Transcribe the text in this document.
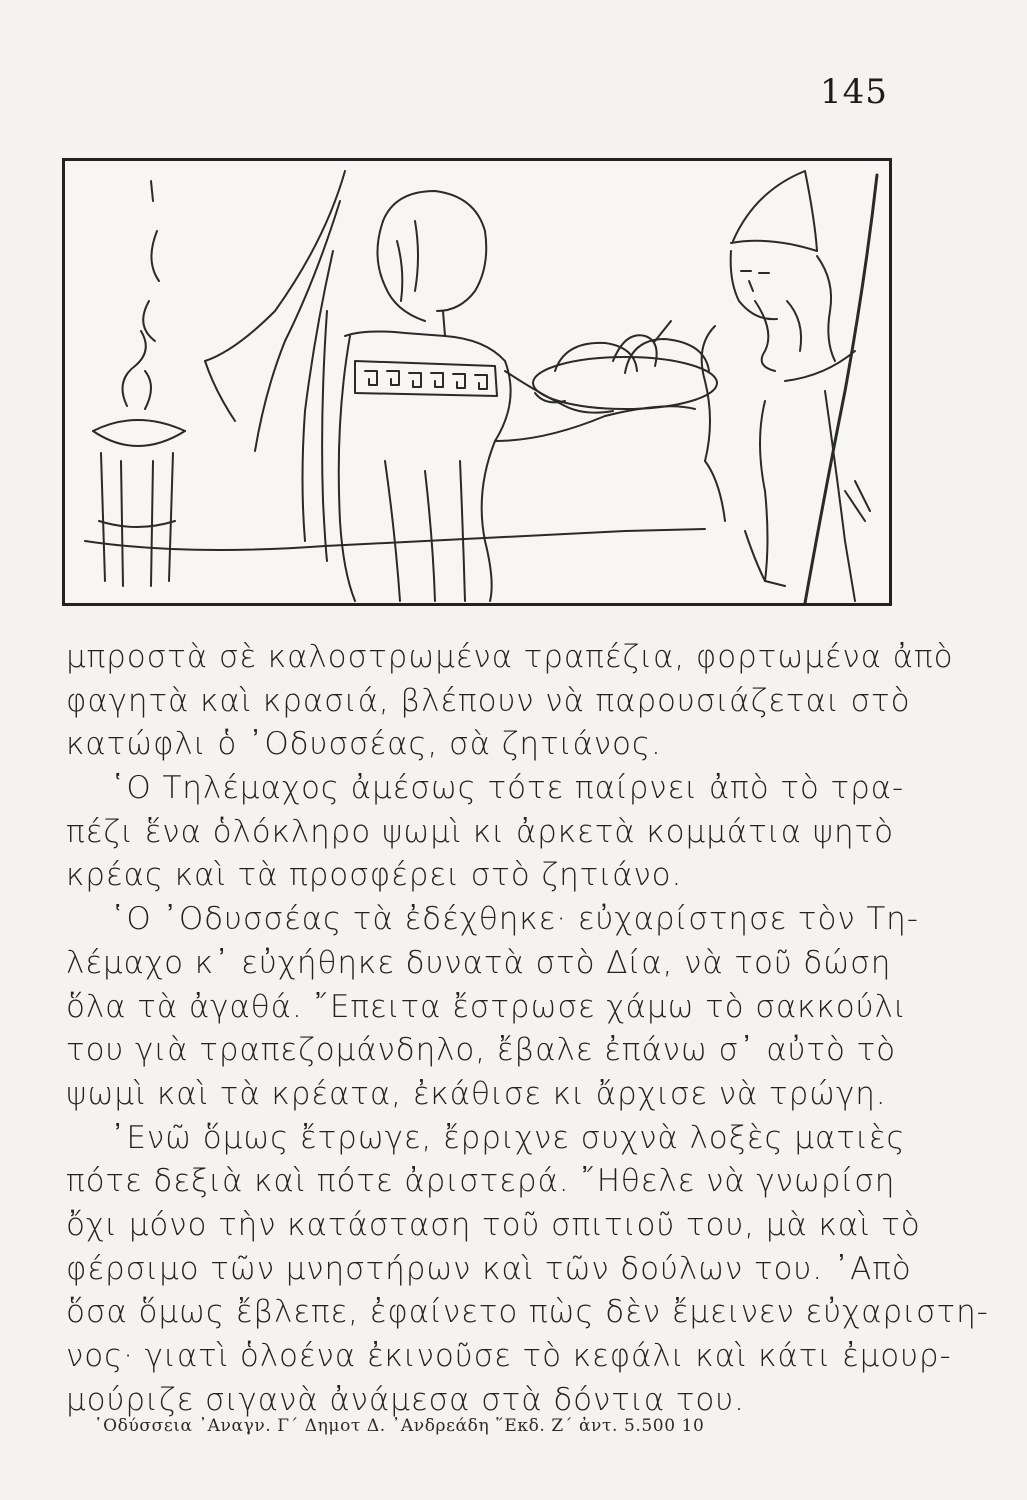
145
μπροστὰ σὲ καλοστρωμένα τραπέζια, φορτωμένα ἀπὸ
φαγητὰ καὶ κρασιά, βλέπουν νὰ παρουσιάζεται στὸ
κατώφλι ὁ ᾿Οδυσσέας, σὰ ζητιάνος.
῾Ο Τηλέμαχος ἀμέσως τότε παίρνει ἀπὸ τὸ τρα-
πέζι ἕνα ὁλόκληρο ψωμὶ κι ἀρκετὰ κομμάτια ψητὸ
κρέας καὶ τὰ προσφέρει στὸ ζητιάνο.
῾Ο ᾿Οδυσσέας τὰ ἐδέχθηκε· εὐχαρίστησε τὸν Τη-
λέμαχο κ᾿ εὐχήθηκε δυνατὰ στὸ Δία, νὰ τοῦ δώση
ὅλα τὰ ἀγαθά. ῎Επειτα ἔστρωσε χάμω τὸ σακκούλι
του γιὰ τραπεζομάνδηλο, ἔβαλε ἐπάνω σ᾿ αὐτὸ τὸ
ψωμὶ καὶ τὰ κρέατα, ἐκάθισε κι ἄρχισε νὰ τρώγη.
᾿Ενῶ ὅμως ἔτρωγε, ἔρριχνε συχνὰ λοξὲς ματιὲς
πότε δεξιὰ καὶ πότε ἀριστερά. ῎Ηθελε νὰ γνωρίση
ὄχι μόνο τὴν κατάσταση τοῦ σπιτιοῦ του, μὰ καὶ τὸ
φέρσιμο τῶν μνηστήρων καὶ τῶν δούλων του. ᾿Απὸ
ὅσα ὅμως ἔβλεπε, ἐφαίνετο πὼς δὲν ἔμεινεν εὐχαριστη-
νος· γιατὶ ὁλοένα ἐκινοῦσε τὸ κεφάλι καὶ κάτι ἐμουρ-
μούριζε σιγανὰ ἀνάμεσα στὰ δόντια του.
῾Οδύσσεια ᾿Αναγν. Γ΄ Δημοτ Δ. ᾿Ανδρεάδη ῞Εκδ. Ζ΄ ἀντ. 5.500 10
